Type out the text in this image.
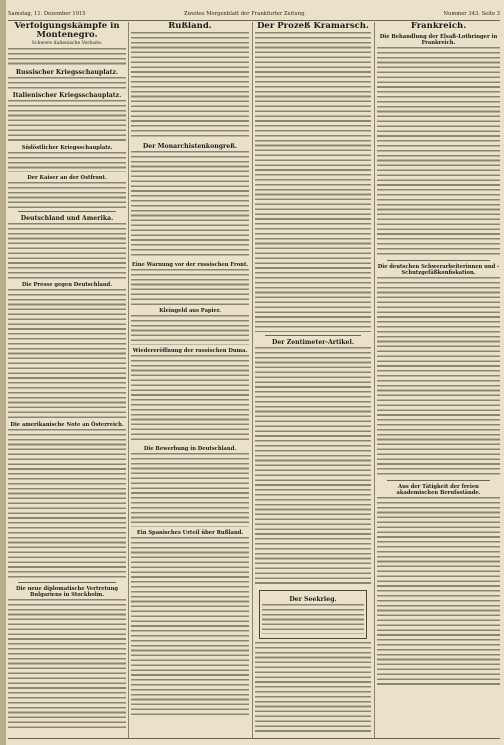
Samstag, 11. Dezember 1915	Zweites Morgenblatt der Frankfurter Zeitung.	Nummer 343. Seite 3
Verfolgungskämpfe in Montenegro.
Schwere italienische Verluste.
Russischer Kriegsschauplatz.
Italienischer Kriegsschauplatz.
Südöstlicher Kriegsschauplatz.
Der Kaiser an der Ostfront.
Deutschland und Amerika.
Die Presse gegen Deutschland.
Die amerikanische Note an Österreich.
Die neue diplomatische Vertretung Bulgariens in Stockholm.
Rußland.
Der Monarchistenkongreß.
Eine Warnung vor der russischen Front.
Kleingeld aus Papier.
Wiedereröffnung der russischen Duma.
Die Bewerbung in Deutschland.
Ein Spanisches Urteil über Rußland.
Der Prozeß Kramarsch.
Der Zentimeter-Artikel.
Der Seekrieg.
Frankreich.
Die Behandlung der Elsaß-Lothringer in Frankreich.
Die deutschen Schwerarbeiterinnen und -Schutzgefäßkonfiskation.
Aus der Tätigkeit der freien akademischen Berufsstände.
